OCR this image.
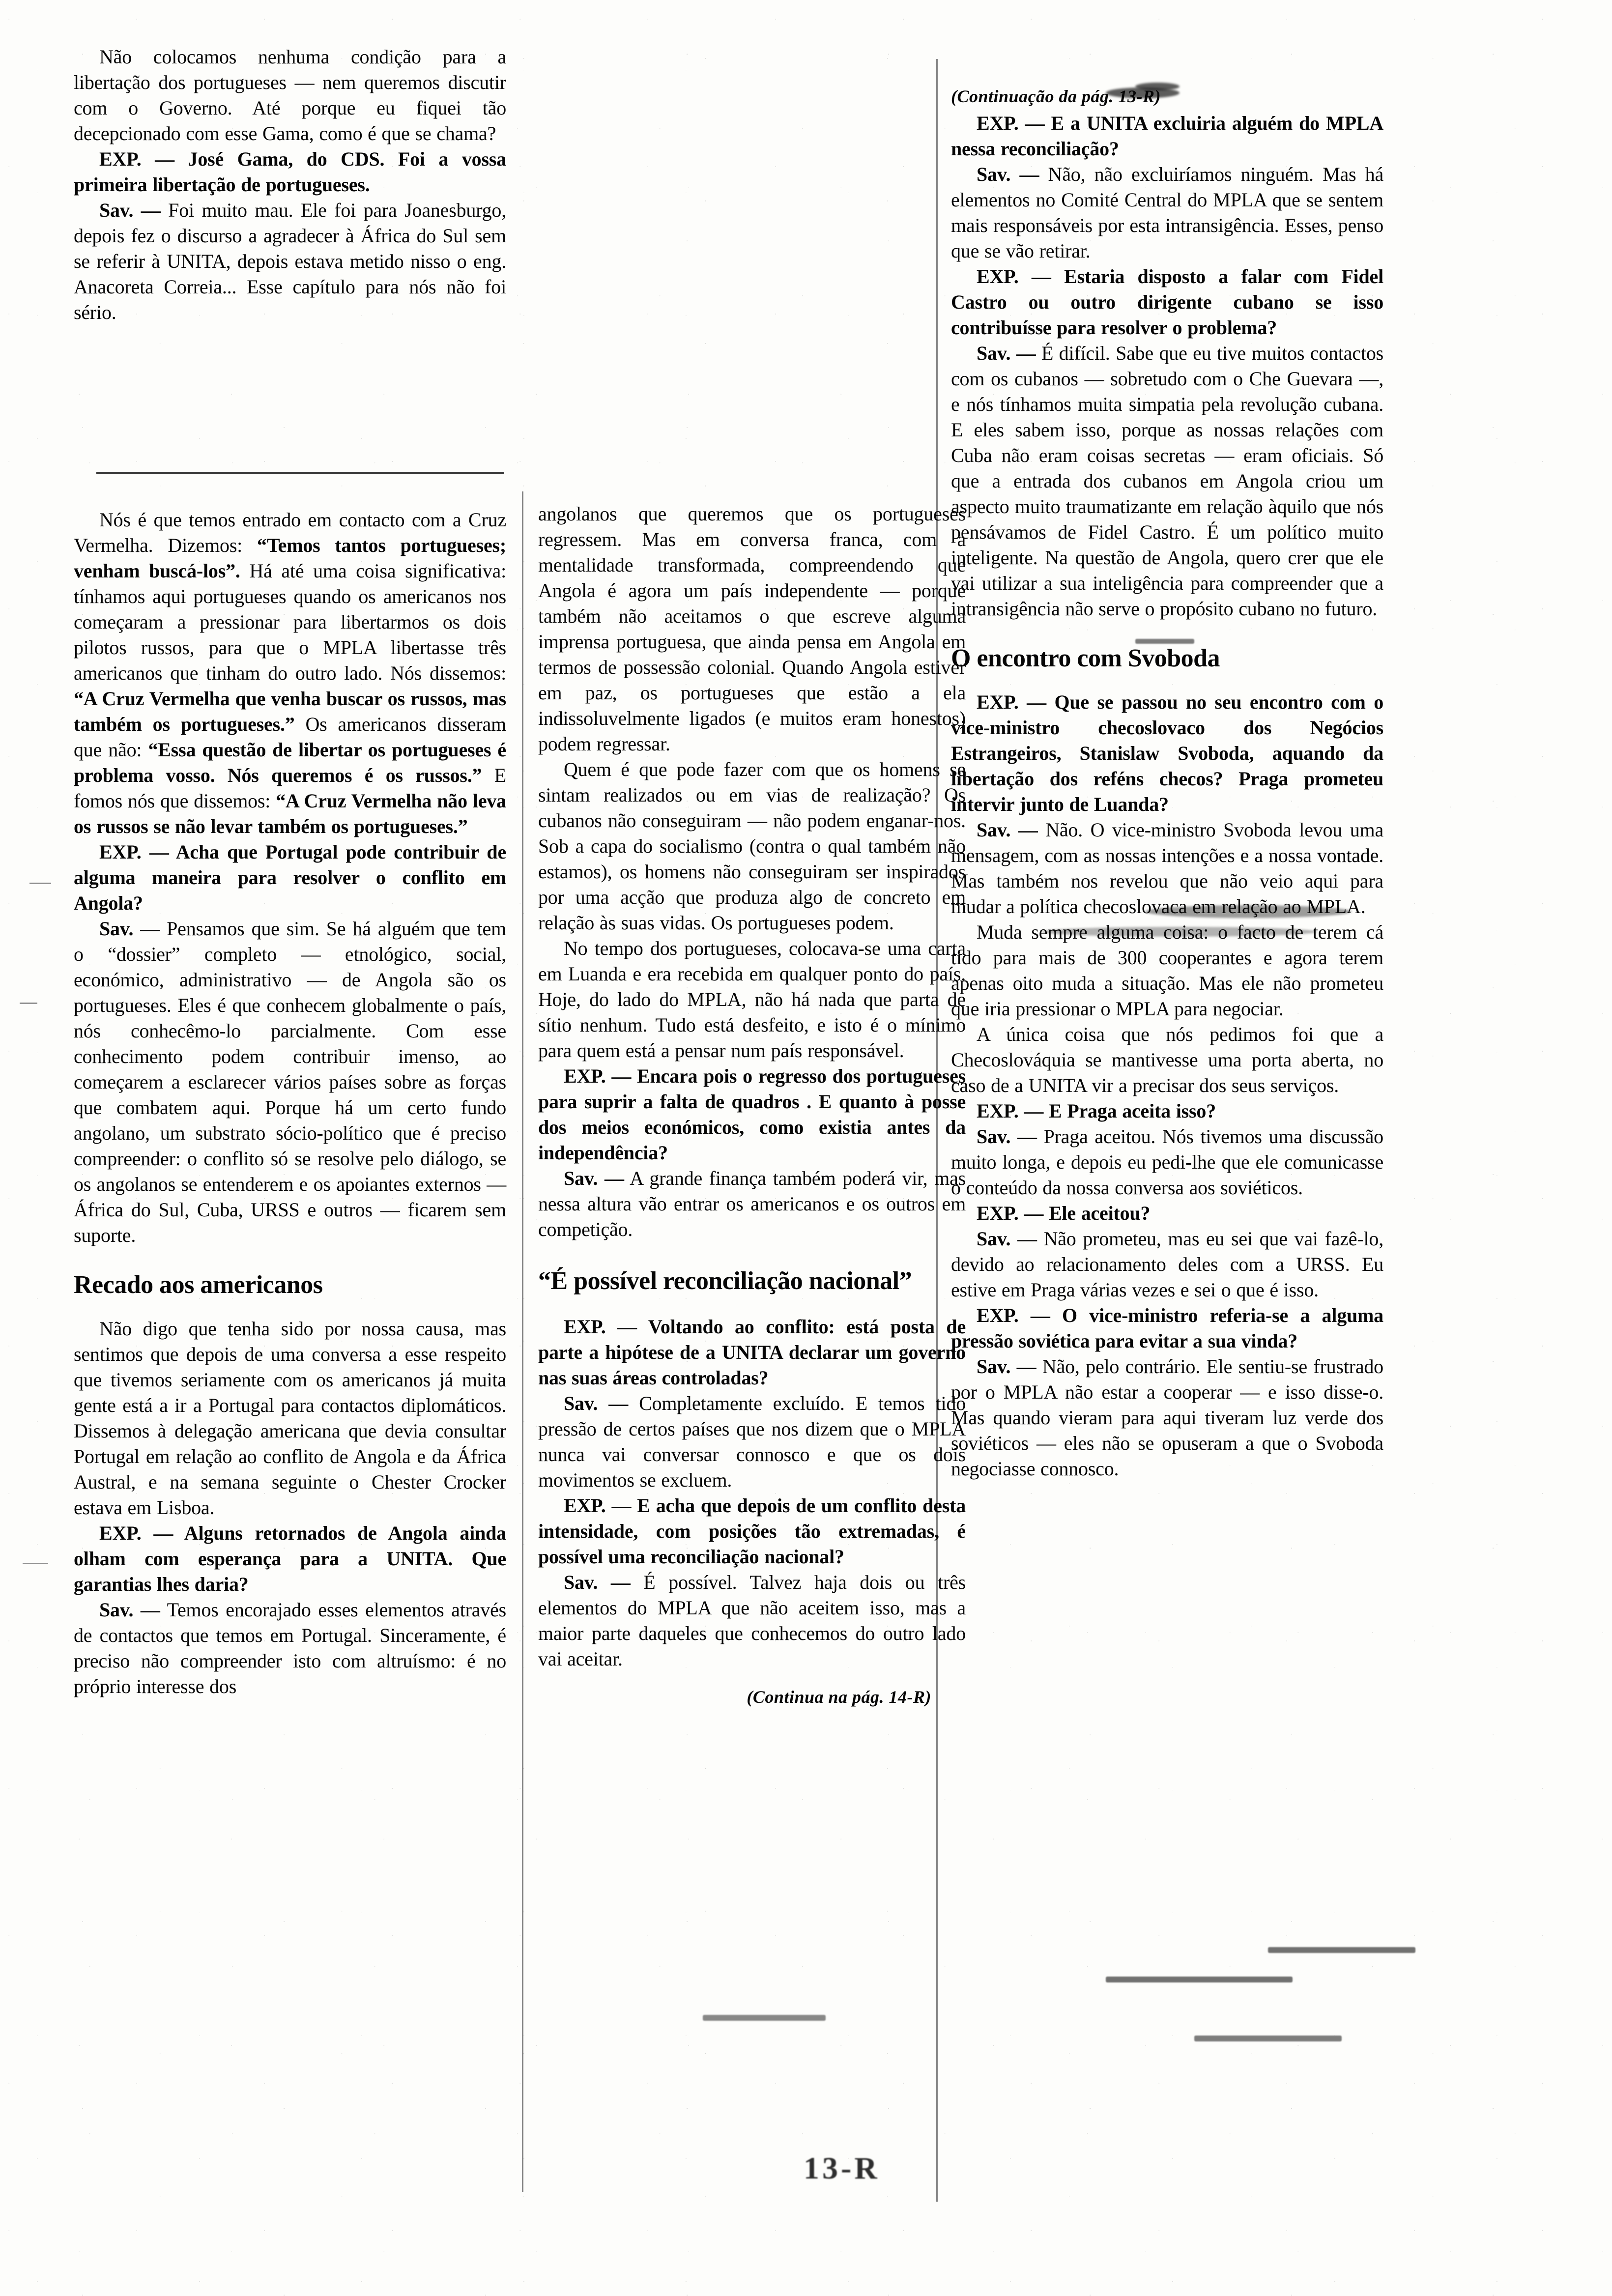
Não colocamos nenhuma condição para a libertação dos portugueses — nem queremos discutir com o Governo. Até porque eu fiquei tão decepcionado com esse Gama, como é que se chama?

EXP. — José Gama, do CDS. Foi a vossa primeira libertação de portugueses.

Sav. — Foi muito mau. Ele foi para Joanesburgo, depois fez o discurso a agradecer à África do Sul sem se referir à UNITA, depois estava metido nisso o eng. Anacoreta Correia... Esse capítulo para nós não foi sério.

Nós é que temos entrado em contacto com a Cruz Vermelha. Dizemos: “Temos tantos portugueses; venham buscá-los”. Há até uma coisa significativa: tínhamos aqui portugueses quando os americanos nos começaram a pressionar para libertarmos os dois pilotos russos, para que o MPLA libertasse três americanos que tinham do outro lado. Nós dissemos: “A Cruz Vermelha que venha buscar os russos, mas também os portugueses.” Os americanos disseram que não: “Essa questão de libertar os portugueses é problema vosso. Nós queremos é os russos.” E fomos nós que dissemos: “A Cruz Vermelha não leva os russos se não levar também os portugueses.”

EXP. — Acha que Portugal pode contribuir de alguma maneira para resolver o conflito em Angola?

Sav. — Pensamos que sim. Se há alguém que tem o “dossier” completo — etnológico, social, económico, administrativo — de Angola são os portugueses. Eles é que conhecem globalmente o país, nós conhecêmo-lo parcialmente. Com esse conhecimento podem contribuir imenso, ao começarem a esclarecer vários países sobre as forças que combatem aqui. Porque há um certo fundo angolano, um substrato sócio-político que é preciso compreender: o conflito só se resolve pelo diálogo, se os angolanos se entenderem e os apoiantes externos — África do Sul, Cuba, URSS e outros — ficarem sem suporte.

Recado aos americanos

Não digo que tenha sido por nossa causa, mas sentimos que depois de uma conversa a esse respeito que tivemos seriamente com os americanos já muita gente está a ir a Portugal para contactos diplomáticos. Dissemos à delegação americana que devia consultar Portugal em relação ao conflito de Angola e da África Austral, e na semana seguinte o Chester Crocker estava em Lisboa.

EXP. — Alguns retornados de Angola ainda olham com esperança para a UNITA. Que garantias lhes daria?

Sav. — Temos encorajado esses elementos através de contactos que temos em Portugal. Sinceramente, é preciso não compreender isto com altruísmo: é no próprio interesse dos

angolanos que queremos que os portugueses regressem. Mas em conversa franca, com a mentalidade transformada, compreendendo que Angola é agora um país independente — porque também não aceitamos o que escreve alguma imprensa portuguesa, que ainda pensa em Angola em termos de possessão colonial. Quando Angola estiver em paz, os portugueses que estão a ela indissoluvelmente ligados (e muitos eram honestos) podem regressar.

Quem é que pode fazer com que os homens se sintam realizados ou em vias de realização? Os cubanos não conseguiram — não podem enganar-nos. Sob a capa do socialismo (contra o qual também não estamos), os homens não conseguiram ser inspirados por uma acção que produza algo de concreto em relação às suas vidas. Os portugueses podem.

No tempo dos portugueses, colocava-se uma carta em Luanda e era recebida em qualquer ponto do país. Hoje, do lado do MPLA, não há nada que parta de sítio nenhum. Tudo está desfeito, e isto é o mínimo para quem está a pensar num país responsável.

EXP. — Encara pois o regresso dos portugueses para suprir a falta de quadros . E quanto à posse dos meios económicos, como existia antes da independência?

Sav. — A grande finança também poderá vir, mas nessa altura vão entrar os americanos e os outros em competição.

“É possível reconciliação nacional”

EXP. — Voltando ao conflito: está posta de parte a hipótese de a UNITA declarar um governo nas suas áreas controladas?

Sav. — Completamente excluído. E temos tido pressão de certos países que nos dizem que o MPLA nunca vai conversar connosco e que os dois movimentos se excluem.

EXP. — E acha que depois de um conflito desta intensidade, com posições tão extremadas, é possível uma reconciliação nacional?

Sav. — É possível. Talvez haja dois ou três elementos do MPLA que não aceitem isso, mas a maior parte daqueles que conhecemos do outro lado vai aceitar.

(Continua na pág. 14-R)
(Continuação da pág. 13-R)

EXP. — E a UNITA excluiria alguém do MPLA nessa reconciliação?

Sav. — Não, não excluiríamos ninguém. Mas há elementos no Comité Central do MPLA que se sentem mais responsáveis por esta intransigência. Esses, penso que se vão retirar.

EXP. — Estaria disposto a falar com Fidel Castro ou outro dirigente cubano se isso contribuísse para resolver o problema?

Sav. — É difícil. Sabe que eu tive muitos contactos com os cubanos — sobretudo com o Che Guevara —, e nós tínhamos muita simpatia pela revolução cubana. E eles sabem isso, porque as nossas relações com Cuba não eram coisas secretas — eram oficiais. Só que a entrada dos cubanos em Angola criou um aspecto muito traumatizante em relação àquilo que nós pensávamos de Fidel Castro. É um político muito inteligente. Na questão de Angola, quero crer que ele vai utilizar a sua inteligência para compreender que a intransigência não serve o propósito cubano no futuro.

O encontro com Svoboda

EXP. — Que se passou no seu encontro com o vice-ministro checoslovaco dos Negócios Estrangeiros, Stanislaw Svoboda, aquando da libertação dos reféns checos? Praga prometeu intervir junto de Luanda?

Sav. — Não. O vice-ministro Svoboda levou uma mensagem, com as nossas intenções e a nossa vontade. Mas também nos revelou que não veio aqui para mudar a política checoslovaca em relação ao MPLA.

Muda sempre alguma coisa: o facto de terem cá tido para mais de 300 cooperantes e agora terem apenas oito muda a situação. Mas ele não prometeu que iria pressionar o MPLA para negociar.

A única coisa que nós pedimos foi que a Checoslováquia se mantivesse uma porta aberta, no caso de a UNITA vir a precisar dos seus serviços.

EXP. — E Praga aceita isso?

Sav. — Praga aceitou. Nós tivemos uma discussão muito longa, e depois eu pedi-lhe que ele comunicasse o conteúdo da nossa conversa aos soviéticos.

EXP. — Ele aceitou?

Sav. — Não prometeu, mas eu sei que vai fazê-lo, devido ao relacionamento deles com a URSS. Eu estive em Praga várias vezes e sei o que é isso.

EXP. — O vice-ministro referia-se a alguma pressão soviética para evitar a sua vinda?

Sav. — Não, pelo contrário. Ele sentiu-se frustrado por o MPLA não estar a cooperar — e isso disse-o. Mas quando vieram para aqui tiveram luz verde dos soviéticos — eles não se opuseram a que o Svoboda negociasse connosco.

13-R
